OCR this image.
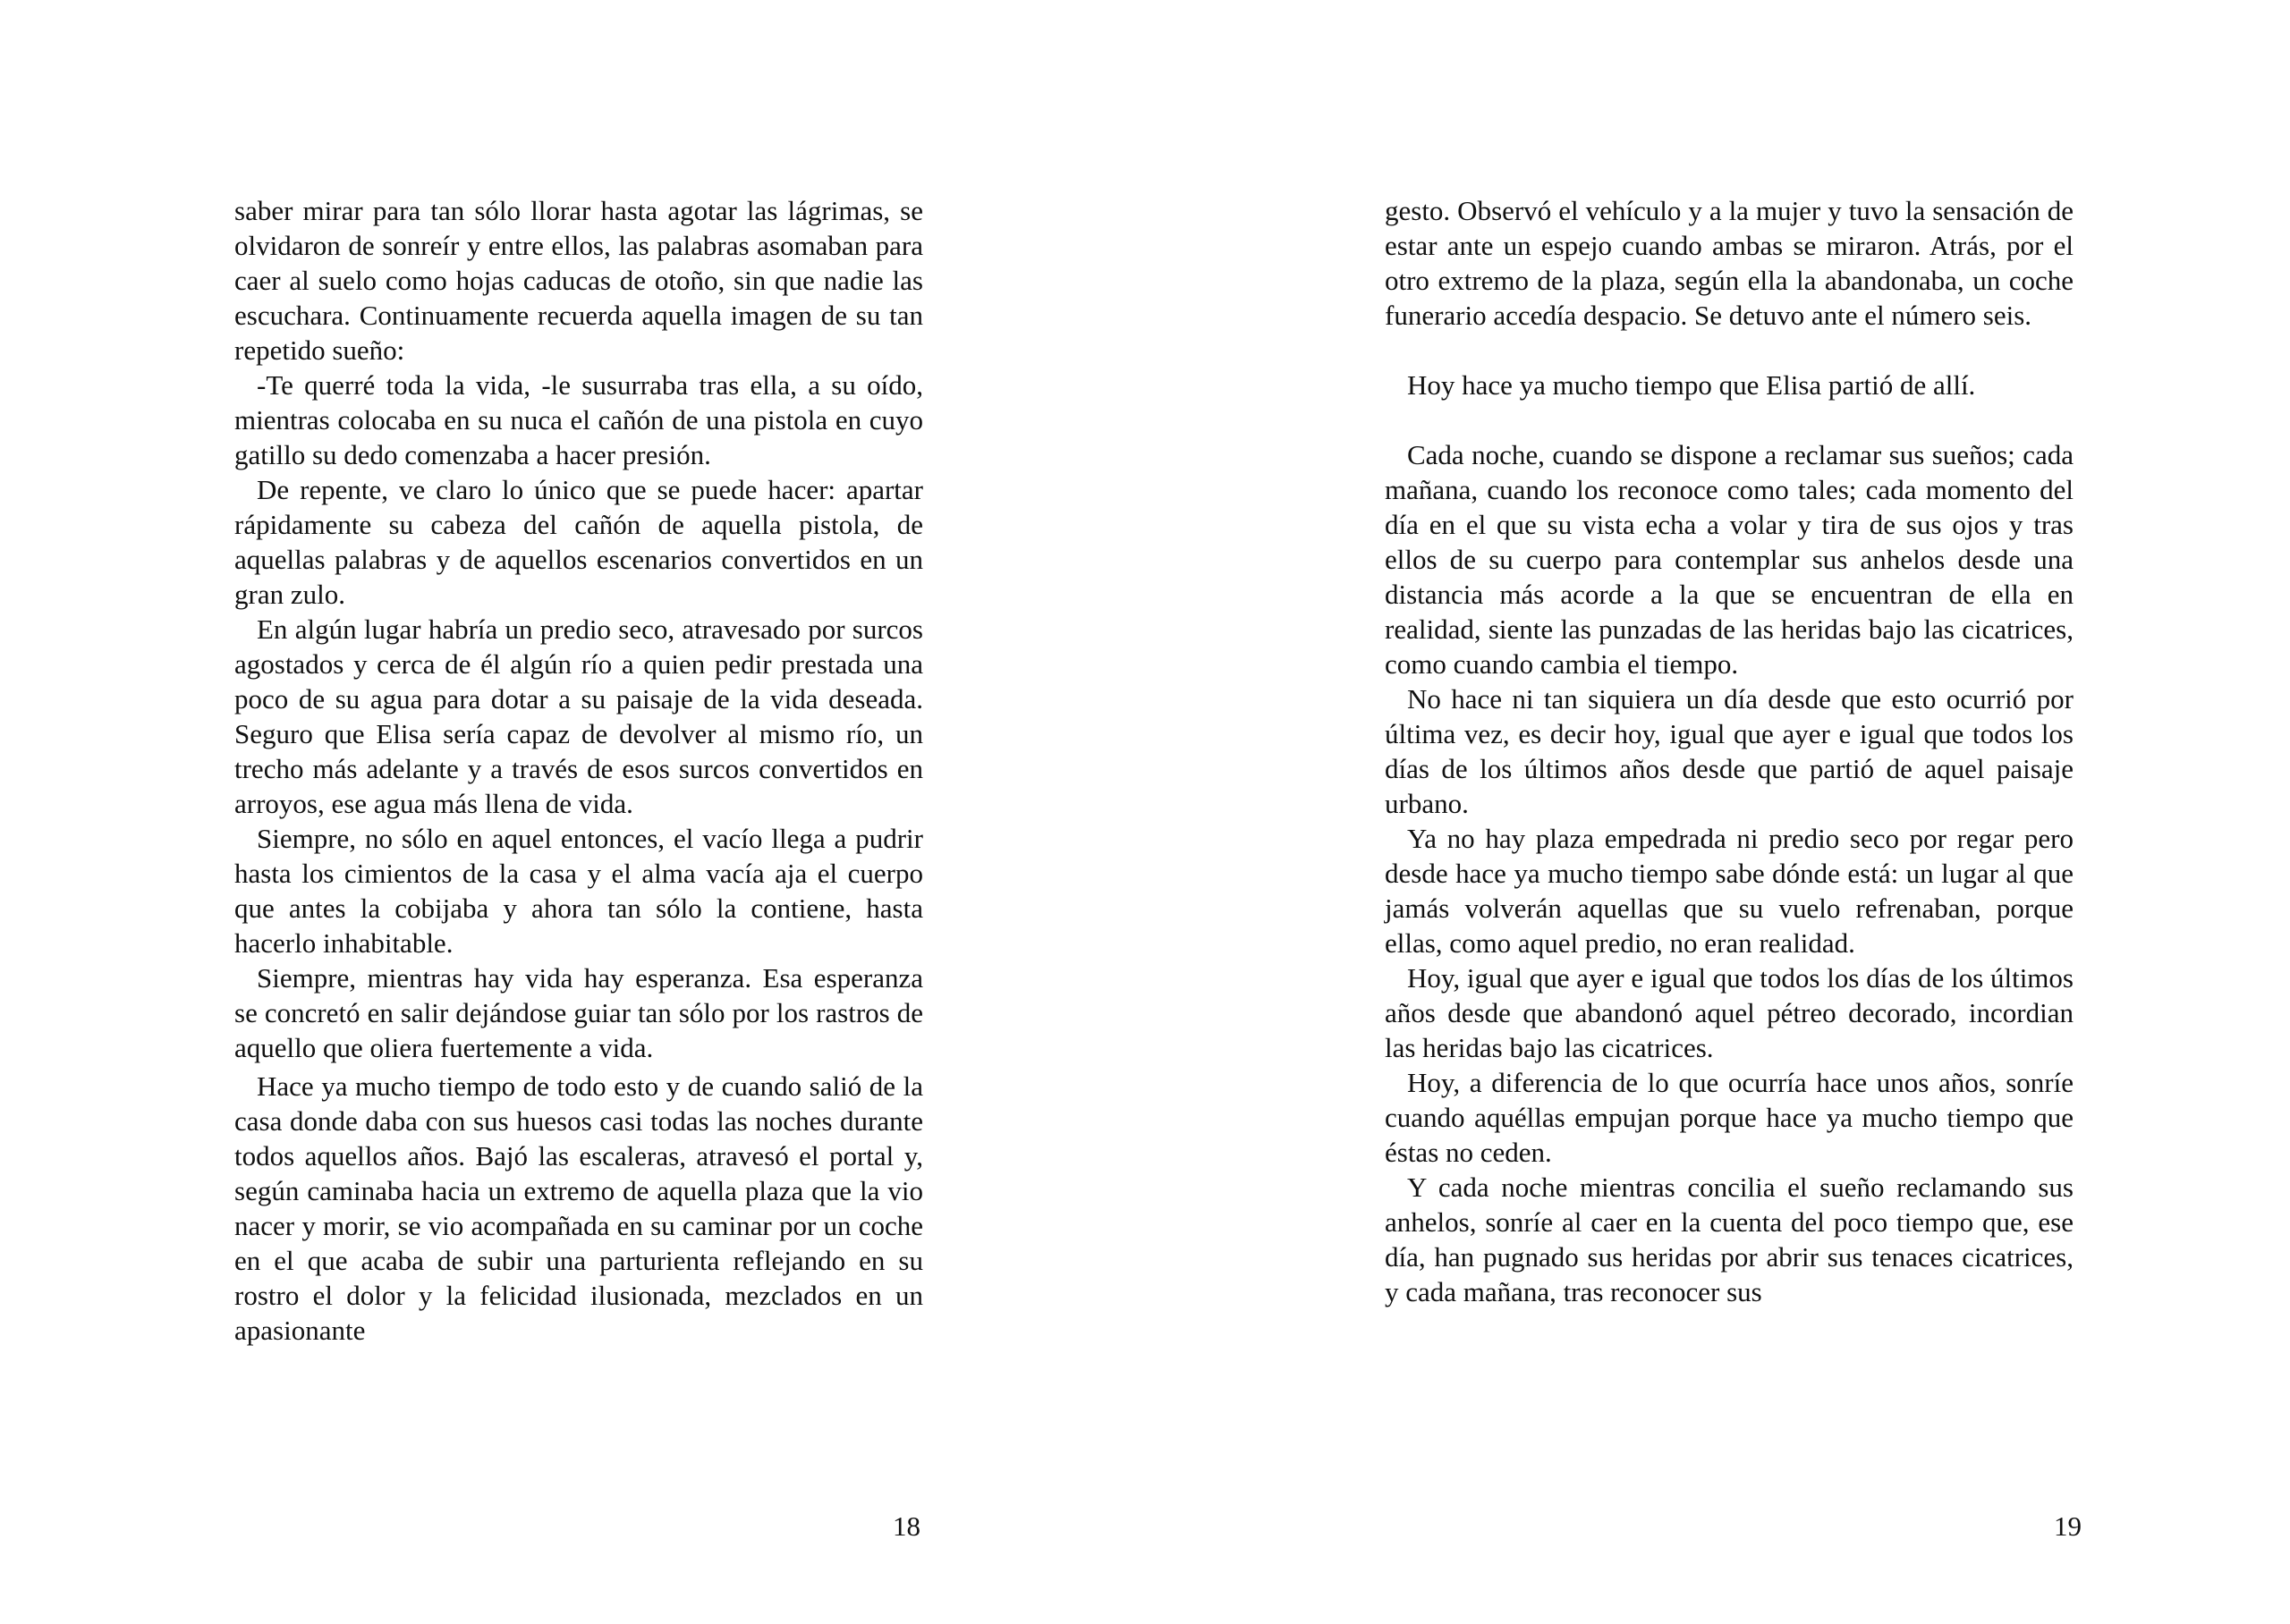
saber mirar para tan sólo llorar hasta agotar las lágrimas, se olvidaron de sonreír y entre ellos, las palabras asomaban para caer al suelo como hojas caducas de otoño, sin que nadie las escuchara. Continuamente recuerda aquella imagen de su tan repetido sueño:

-Te querré toda la vida, -le susurraba tras ella, a su oído, mientras colocaba en su nuca el cañón de una pistola en cuyo gatillo su dedo comenzaba a hacer presión.

De repente, ve claro lo único que se puede hacer: apartar rápidamente su cabeza del cañón de aquella pistola, de aquellas palabras y de aquellos escenarios convertidos en un gran zulo.

En algún lugar habría un predio seco, atravesado por surcos agostados y cerca de él algún río a quien pedir prestada una poco de su agua para dotar a su paisaje de la vida deseada. Seguro que Elisa sería capaz de devolver al mismo río, un trecho más adelante y a través de esos surcos convertidos en arroyos, ese agua más llena de vida.

Siempre, no sólo en aquel entonces, el vacío llega a pudrir hasta los cimientos de la casa y el alma vacía aja el cuerpo que antes la cobijaba y ahora tan sólo la contiene, hasta hacerlo inhabitable.

Siempre, mientras hay vida hay esperanza. Esa esperanza se concretó en salir dejándose guiar tan sólo por los rastros de aquello que oliera fuertemente a vida.

Hace ya mucho tiempo de todo esto y de cuando salió de la casa donde daba con sus huesos casi todas las noches durante todos aquellos años. Bajó las escaleras, atravesó el portal y, según caminaba hacia un extremo de aquella plaza que la vio nacer y morir, se vio acompañada en su caminar por un coche en el que acaba de subir una parturienta reflejando en su rostro el dolor y la felicidad ilusionada, mezclados en un apasionante

18

gesto. Observó el vehículo y a la mujer y tuvo la sensación de estar ante un espejo cuando ambas se miraron. Atrás, por el otro extremo de la plaza, según ella la abandonaba, un coche funerario accedía despacio. Se detuvo ante el número seis.

Hoy hace ya mucho tiempo que Elisa partió de allí.

Cada noche, cuando se dispone a reclamar sus sueños; cada mañana, cuando los reconoce como tales; cada momento del día en el que su vista echa a volar y tira de sus ojos y tras ellos de su cuerpo para contemplar sus anhelos desde una distancia más acorde a la que se encuentran de ella en realidad, siente las punzadas de las heridas bajo las cicatrices, como cuando cambia el tiempo.

No hace ni tan siquiera un día desde que esto ocurrió por última vez, es decir hoy, igual que ayer e igual que todos los días de los últimos años desde que partió de aquel paisaje urbano.

Ya no hay plaza empedrada ni predio seco por regar pero desde hace ya mucho tiempo sabe dónde está: un lugar al que jamás volverán aquellas que su vuelo refrenaban, porque ellas, como aquel predio, no eran realidad.

Hoy, igual que ayer e igual que todos los días de los últimos años desde que abandonó aquel pétreo decorado, incordian las heridas bajo las cicatrices.

Hoy, a diferencia de lo que ocurría hace unos años, sonríe cuando aquéllas empujan porque hace ya mucho tiempo que éstas no ceden.

Y cada noche mientras concilia el sueño reclamando sus anhelos, sonríe al caer en la cuenta del poco tiempo que, ese día, han pugnado sus heridas por abrir sus tenaces cicatrices, y cada mañana, tras reconocer sus

19
